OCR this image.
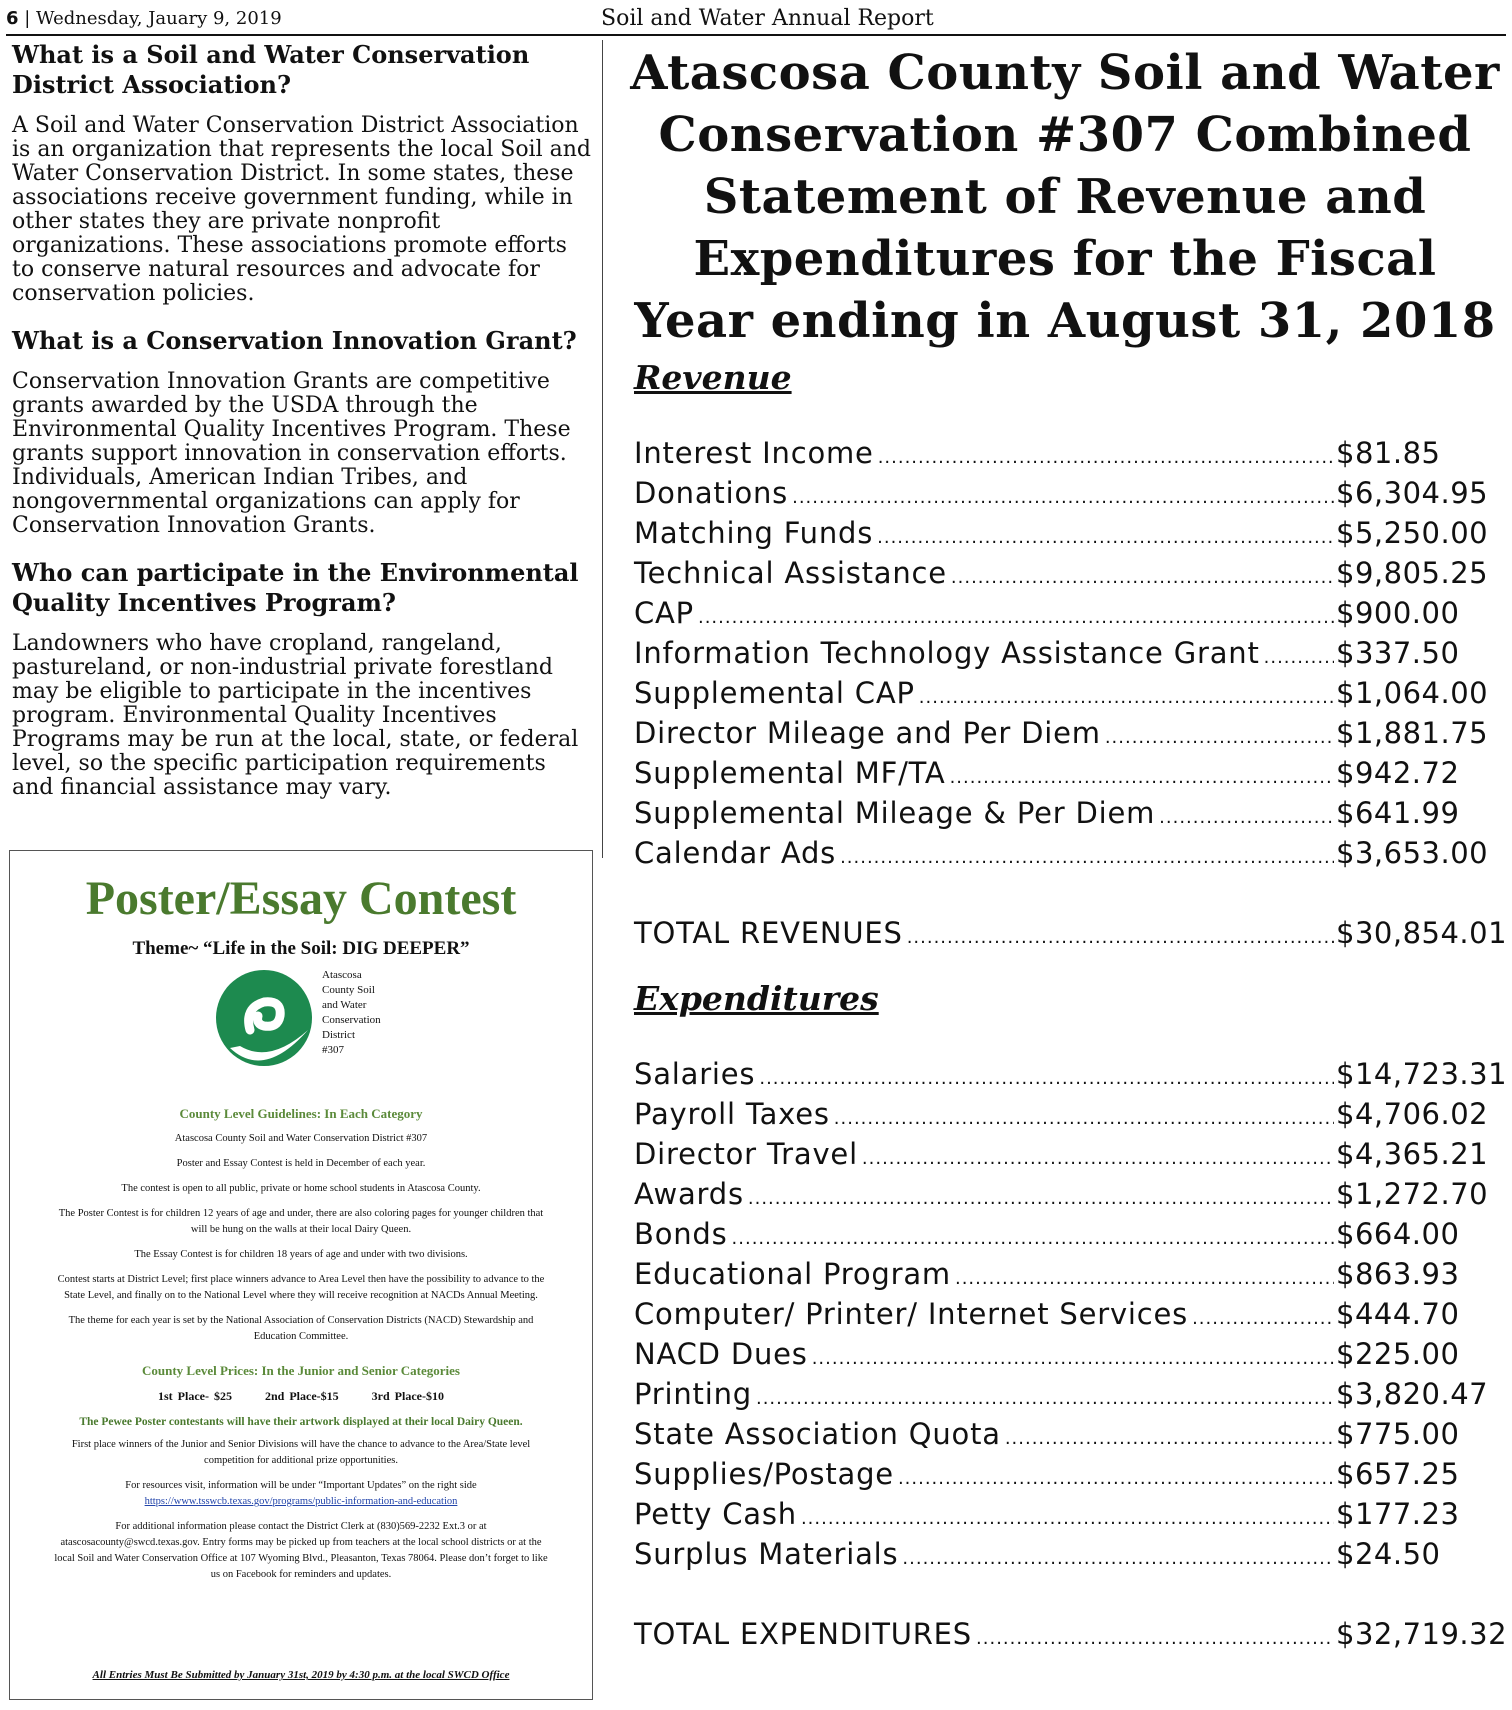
6 | Wednesday, Jauary 9, 2019	Soil and Water Annual Report
What is a Soil and Water Conservation District Association?

A Soil and Water Conservation District Association is an organization that represents the local Soil and Water Conservation District. In some states, these associations receive government funding, while in other states they are private nonprofit organizations. These associations promote efforts to conserve natural resources and advocate for conservation policies.

What is a Conservation Innovation Grant?

Conservation Innovation Grants are competitive grants awarded by the USDA through the Environmental Quality Incentives Program. These grants support innovation in conservation efforts. Individuals, American Indian Tribes, and nongovernmental organizations can apply for Conservation Innovation Grants.

Who can participate in the Environmental Quality Incentives Program?

Landowners who have cropland, rangeland, pastureland, or non-industrial private forestland may be eligible to participate in the incentives program. Environmental Quality Incentives Programs may be run at the local, state, or federal level, so the specific participation requirements and financial assistance may vary.

Poster/Essay Contest
Theme~ “Life in the Soil: DIG DEEPER”
Atascosa
County Soil
and Water
Conservation
District
#307
County Level Guidelines: In Each Category
Atascosa County Soil and Water Conservation District #307
Poster and Essay Contest is held in December of each year.
The contest is open to all public, private or home school students in Atascosa County.
The Poster Contest is for children 12 years of age and under, there are also coloring pages for younger children that will be hung on the walls at their local Dairy Queen.
The Essay Contest is for children 18 years of age and under with two divisions.
Contest starts at District Level; first place winners advance to Area Level then have the possibility to advance to the State Level, and finally on to the National Level where they will receive recognition at NACDs Annual Meeting.
The theme for each year is set by the National Association of Conservation Districts (NACD) Stewardship and Education Committee.
County Level Prices: In the Junior and Senior Categories
1st Place- $25	2nd Place-$15	3rd Place-$10
The Pewee Poster contestants will have their artwork displayed at their local Dairy Queen.
First place winners of the Junior and Senior Divisions will have the chance to advance to the Area/State level competition for additional prize opportunities.
For resources visit, information will be under “Important Updates” on the right side
https://www.tsswcb.texas.gov/programs/public-information-and-education
For additional information please contact the District Clerk at (830)569-2232 Ext.3 or at atascosacounty@swcd.texas.gov. Entry forms may be picked up from teachers at the local school districts or at the local Soil and Water Conservation Office at 107 Wyoming Blvd., Pleasanton, Texas 78064. Please don’t forget to like us on Facebook for reminders and updates.
All Entries Must Be Submitted by January 31st, 2019 by 4:30 p.m. at the local SWCD Office
Atascosa County Soil and Water Conservation #307 Combined Statement of Revenue and Expenditures for the Fiscal Year ending in August 31, 2018
Revenue
Interest Income .....	$81.85
Donations .....	$6,304.95
Matching Funds .....	$5,250.00
Technical Assistance .....	$9,805.25
CAP .....	$900.00
Information Technology Assistance Grant .....	$337.50
Supplemental CAP .....	$1,064.00
Director Mileage and Per Diem .....	$1,881.75
Supplemental MF/TA .....	$942.72
Supplemental Mileage & Per Diem .....	$641.99
Calendar Ads .....	$3,653.00
TOTAL REVENUES .....	$30,854.01
Expenditures
Salaries .....	$14,723.31
Payroll Taxes .....	$4,706.02
Director Travel .....	$4,365.21
Awards .....	$1,272.70
Bonds .....	$664.00
Educational Program .....	$863.93
Computer/ Printer/ Internet Services .....	$444.70
NACD Dues .....	$225.00
Printing .....	$3,820.47
State Association Quota .....	$775.00
Supplies/Postage .....	$657.25
Petty Cash .....	$177.23
Surplus Materials .....	$24.50
TOTAL EXPENDITURES .....	$32,719.32
